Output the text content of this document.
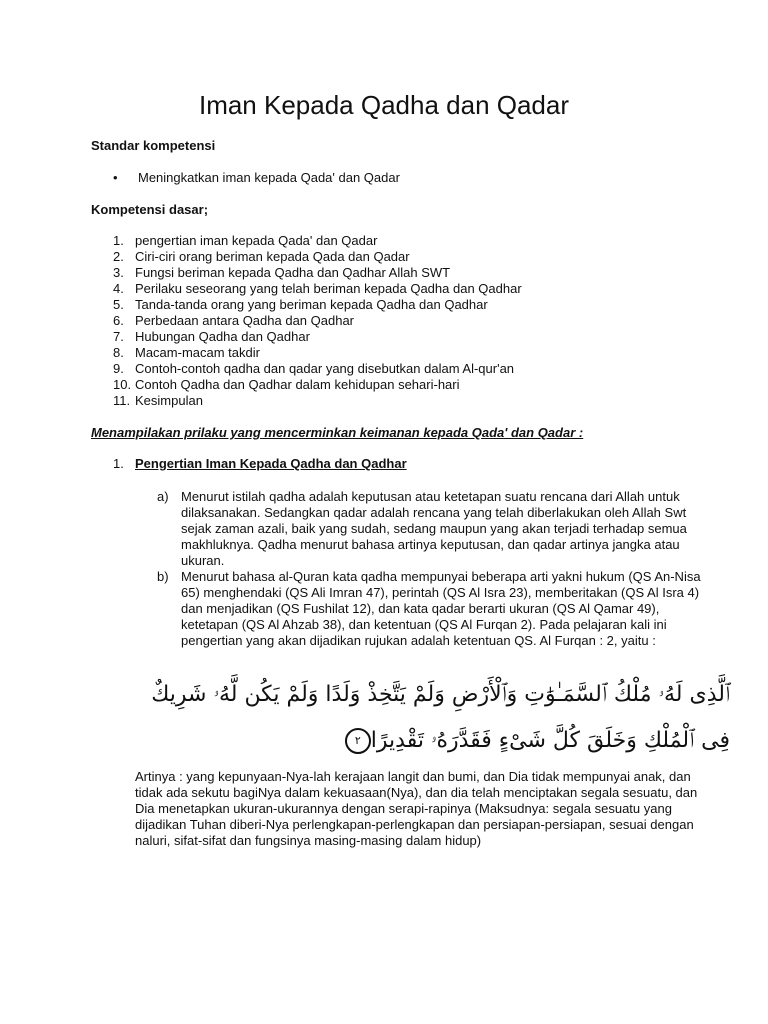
Iman Kepada Qadha dan Qadar
Standar kompetensi
• Meningkatkan iman kepada Qada' dan Qadar
Kompetensi dasar;
1. pengertian iman kepada Qada' dan Qadar
2. Ciri-ciri orang beriman kepada Qada dan Qadar
3. Fungsi beriman kepada Qadha dan Qadhar Allah SWT
4. Perilaku seseorang yang telah beriman kepada Qadha dan Qadhar
5. Tanda-tanda orang yang beriman kepada Qadha dan Qadhar
6. Perbedaan antara Qadha dan Qadhar
7. Hubungan Qadha dan Qadhar
8. Macam-macam takdir
9. Contoh-contoh qadha dan qadar yang disebutkan dalam Al-qur'an
10. Contoh Qadha dan Qadhar dalam kehidupan sehari-hari
11. Kesimpulan
Menampilakan prilaku yang mencerminkan keimanan kepada Qada' dan Qadar :
1. Pengertian Iman Kepada Qadha dan Qadhar
a) Menurut istilah qadha adalah keputusan atau ketetapan suatu rencana dari Allah untuk dilaksanakan. Sedangkan qadar adalah rencana yang telah diberlakukan oleh Allah Swt sejak zaman azali, baik yang sudah, sedang maupun yang akan terjadi terhadap semua makhluknya. Qadha menurut bahasa artinya keputusan, dan qadar artinya jangka atau ukuran.
b) Menurut bahasa al-Quran kata qadha mempunyai beberapa arti yakni hukum (QS An-Nisa 65) menghendaki (QS Ali Imran 47), perintah (QS Al Isra 23), memberitakan (QS Al Isra 4) dan menjadikan (QS Fushilat 12), dan kata qadar berarti ukuran (QS Al Qamar 49), ketetapan (QS Al Ahzab 38), dan ketentuan (QS Al Furqan 2). Pada pelajaran kali ini pengertian yang akan dijadikan rujukan adalah ketentuan QS. Al Furqan : 2, yaitu :
ٱلَّذِى لَهُۥ مُلْكُ ٱلسَّمَـٰوَٰتِ وَٱلْأَرْضِ وَلَمْ يَتَّخِذْ وَلَدًا وَلَمْ يَكُن لَّهُۥ شَرِيكٌ
فِى ٱلْمُلْكِ وَخَلَقَ كُلَّ شَىْءٍ فَقَدَّرَهُۥ تَقْدِيرًا٢
Artinya : yang kepunyaan-Nya-lah kerajaan langit dan bumi, dan Dia tidak mempunyai anak, dan tidak ada sekutu bagiNya dalam kekuasaan(Nya), dan dia telah menciptakan segala sesuatu, dan Dia menetapkan ukuran-ukurannya dengan serapi-rapinya (Maksudnya: segala sesuatu yang dijadikan Tuhan diberi-Nya perlengkapan-perlengkapan dan persiapan-persiapan, sesuai dengan naluri, sifat-sifat dan fungsinya masing-masing dalam hidup)
